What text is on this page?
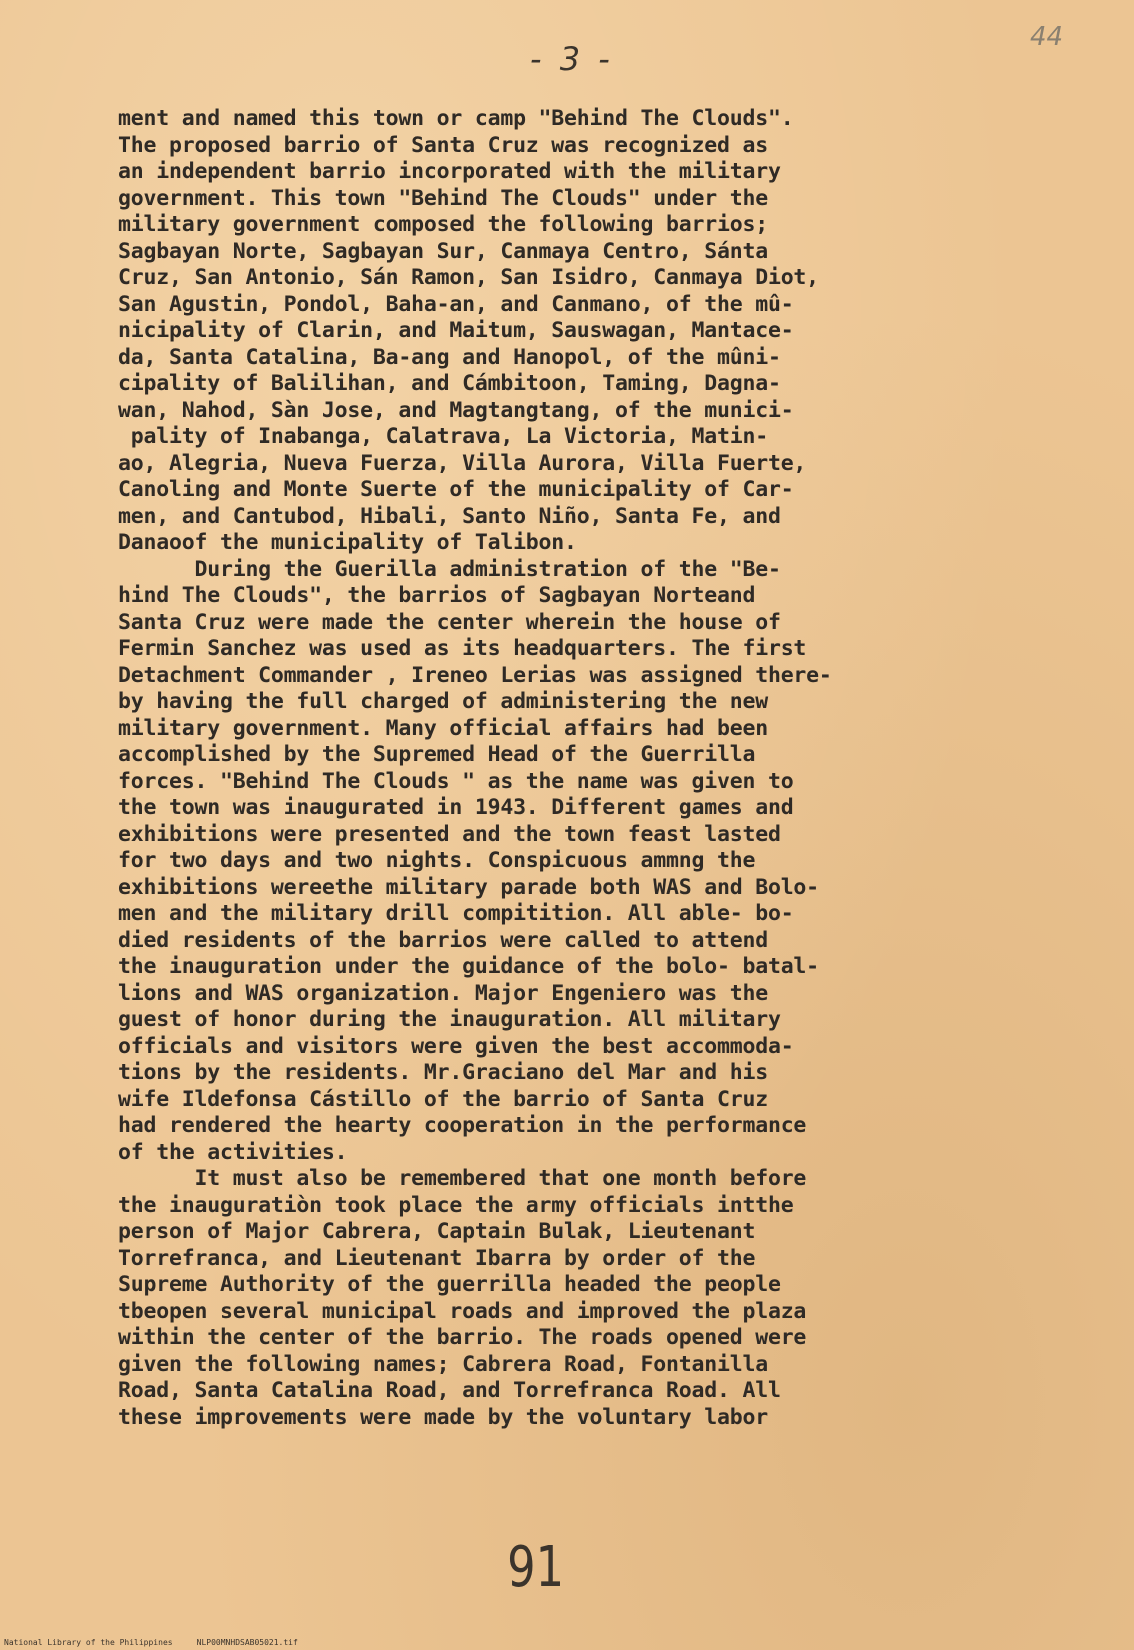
- 3 -
44
ment and named this town or camp "Behind The Clouds".
The proposed barrio of Santa Cruz was recognized as
an independent barrio incorporated with the military
government. This town "Behind The Clouds" under the
military government composed the following barrios;
Sagbayan Norte, Sagbayan Sur, Canmaya Centro, Sánta
Cruz, San Antonio, Sán Ramon, San Isidro, Canmaya Diot,
San Agustin, Pondol, Baha-an, and Canmano, of the mû-
nicipality of Clarin, and Maitum, Sauswagan, Mantace-
da, Santa Catalina, Ba-ang and Hanopol, of the mûni-
cipality of Balilihan, and Cámbitoon, Taming, Dagna-
wan, Nahod, Sàn Jose, and Magtangtang, of the munici-
pality of Inabanga, Calatrava, La Victoria, Matin-
ao, Alegria, Nueva Fuerza, Villa Aurora, Villa Fuerte,
Canoling and Monte Suerte of the municipality of Car-
men, and Cantubod, Hibali, Santo Niño, Santa Fe, and
Danaoof the municipality of Talibon.
During the Guerilla administration of the "Be-
hind The Clouds", the barrios of Sagbayan Norteand
Santa Cruz were made the center wherein the house of
Fermin Sanchez was used as its headquarters. The first
Detachment Commander , Ireneo Lerias was assigned there-
by having the full charged of administering the new
military government. Many official affairs had been
accomplished by the Supremed Head of the Guerrilla
forces. "Behind The Clouds " as the name was given to
the town was inaugurated in 1943. Different games and
exhibitions were presented and the town feast lasted
for two days and two nights. Conspicuous ammng the
exhibitions wereethe military parade both WAS and Bolo-
men and the military drill compitition. All able- bo-
died residents of the barrios were called to attend
the inauguration under the guidance of the bolo- batal-
lions and WAS organization. Major Engeniero was the
guest of honor during the inauguration. All military
officials and visitors were given the best accommoda-
tions by the residents. Mr.Graciano del Mar and his
wife Ildefonsa Cástillo of the barrio of Santa Cruz
had rendered the hearty cooperation in the performance
of the activities.
It must also be remembered that one month before
the inauguratiòn took place the army officials intthe
person of Major Cabrera, Captain Bulak, Lieutenant
Torrefranca, and Lieutenant Ibarra by order of the
Supreme Authority of the guerrilla headed the people
tbeopen several municipal roads and improved the plaza
within the center of the barrio. The roads opened were
given the following names; Cabrera Road, Fontanilla
Road, Santa Catalina Road, and Torrefranca Road. All
these improvements were made by the voluntary labor
91
National Library of the Philippines     NLP00MNHDSAB05021.tif
